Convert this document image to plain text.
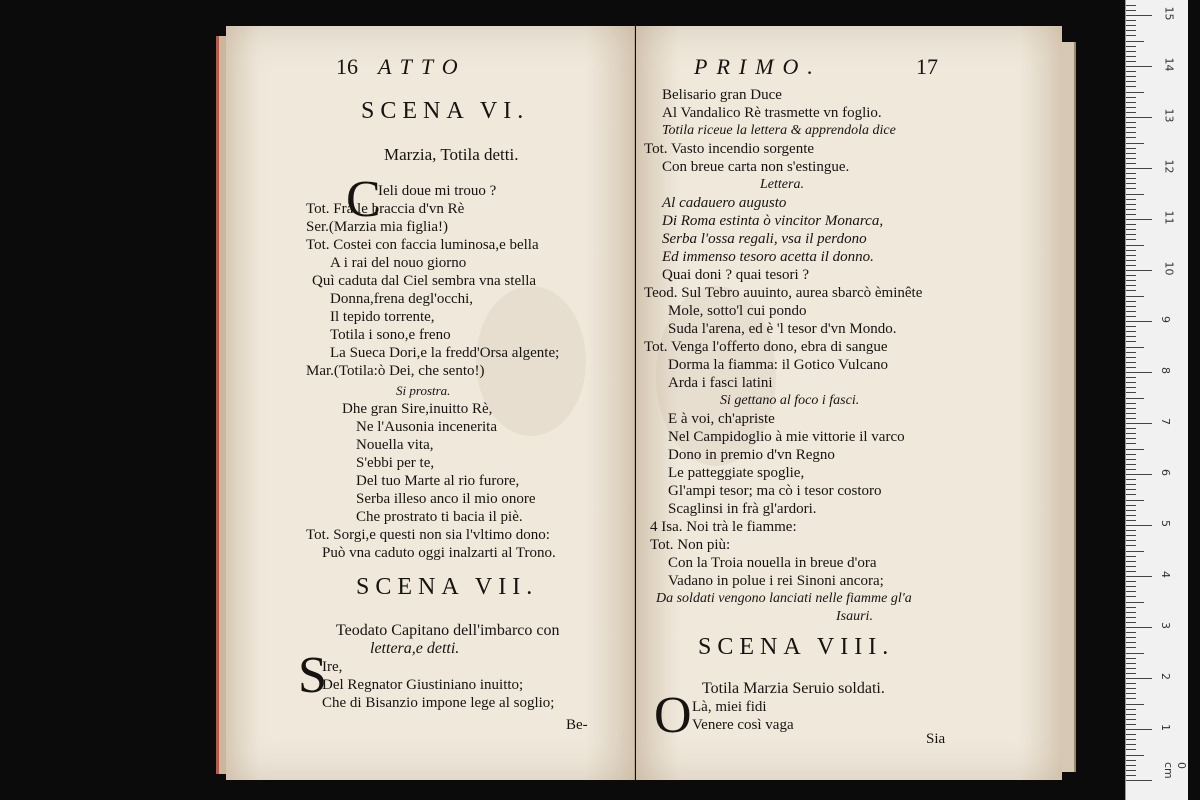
16 ATTO
SCENA VI.
Marzia, Totila detti.
C
Ieli doue mi trouo ?
Tot. Frà le braccia d'vn Rè
Ser.(Marzia mia figlia!)
Tot. Costei con faccia luminosa,e bella
A i rai del nouo giorno
Quì caduta dal Ciel sembra vna stella
Donna,frena degl'occhi,
Il tepido torrente,
Totila i sono,e freno
La Sueca Dori,e la fredd'Orsa algente;
Mar.(Totila:ò Dei, che sento!)
Si prostra.
Dhe gran Sire,inuitto Rè,
Ne l'Ausonia incenerita
Nouella vita,
S'ebbi per te,
Del tuo Marte al rio furore,
Serba illeso anco il mio onore
Che prostrato ti bacia il piè.
Tot. Sorgi,e questi non sia l'vltimo dono:
Può vna caduto oggi inalzarti al Trono.
SCENA VII.
Teodato Capitano dell'imbarco con
lettera,e detti.
S
Ire,
Del Regnator Giustiniano inuitto;
Che di Bisanzio impone lege al soglio;
Be-
PRIMO.	17
Belisario gran Duce
Al Vandalico Rè trasmette vn foglio.
Totila riceue la lettera & apprendola dice
Tot. Vasto incendio sorgente
Con breue carta non s'estingue.
Lettera.
Al cadauero augusto
Di Roma estinta ò vincitor Monarca,
Serba l'ossa regali, vsa il perdono
Ed immenso tesoro acetta il donno.
Quai doni ? quai tesori ?
Teod. Sul Tebro auuinto, aurea sbarcò èminête
Mole, sotto'l cui pondo
Suda l'arena, ed è 'l tesor d'vn Mondo.
Tot. Venga l'offerto dono, ebra di sangue
Dorma la fiamma: il Gotico Vulcano
Arda i fasci latini
Si gettano al foco i fasci.
E à voi, ch'apriste
Nel Campidoglio à mie vittorie il varco
Dono in premio d'vn Regno
Le patteggiate spoglie,
Gl'ampi tesor; ma cò i tesor costoro
Scaglinsi in frà gl'ardori.
4 Isa. Noi trà le fiamme:
Tot. Non più:
Con la Troia nouella in breue d'ora
Vadano in polue i rei Sinoni ancora;
Da soldati vengono lanciati nelle fiamme gl'a
Isauri.
SCENA VIII.
Totila Marzia Seruio soldati.
O Là, miei fidi
Venere così vaga
Sia
0 cm
1
2
3
4
5
6
7
8
9
10
11
12
13
14
15
